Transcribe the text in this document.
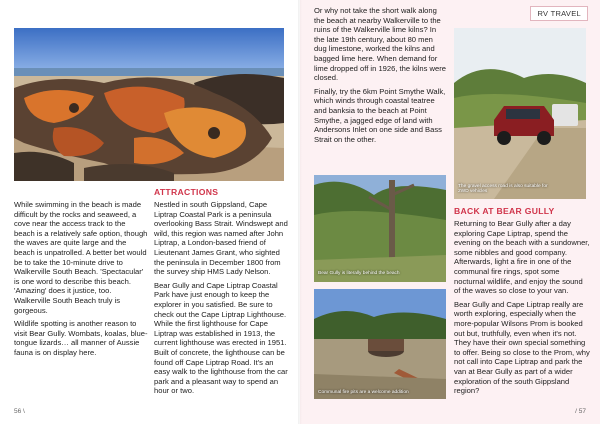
While swimming in the beach is made difficult by the rocks and seaweed, a cove near the access track to the beach is a relatively safe option, though the waves are quite large and the beach is unpatrolled. A better bet would be to take the 10-minute drive to Walkerville South Beach. 'Spectacular' is one word to describe this beach. 'Amazing' does it justice, too. Walkerville South Beach truly is gorgeous.

Wildlife spotting is another reason to visit Bear Gully. Wombats, koalas, blue-tongue lizards… all manner of Aussie fauna is on display here.

ATTRACTIONS

Nestled in south Gippsland, Cape Liptrap Coastal Park is a peninsula overlooking Bass Strait. Windswept and wild, this region was named after John Liptrap, a London-based friend of Lieutenant James Grant, who sighted the peninsula in December 1800 from the survey ship HMS Lady Nelson.

Bear Gully and Cape Liptrap Coastal Park have just enough to keep the explorer in you satisfied. Be sure to check out the Cape Liptrap Lighthouse. While the first lighthouse for Cape Liptrap was established in 1913, the current lighthouse was erected in 1951. Built of concrete, the lighthouse can be found off Cape Liptrap Road. It's an easy walk to the lighthouse from the car park and a pleasant way to spend an hour or two.

56 \
RV TRAVEL

Or why not take the short walk along the beach at nearby Walkerville to the ruins of the Walkerville lime kilns? In the late 19th century, about 80 men dug limestone, worked the kilns and bagged lime here. When demand for lime dropped off in 1926, the kilns were closed.

Finally, try the 6km Point Smythe Walk, which winds through coastal teatree and banksia to the beach at Point Smythe, a jagged edge of land with Andersons Inlet on one side and Bass Strait on the other.

The gravel access road is also suitable for 2WD vehicles
Bear Gully is literally behind the beach
Communal fire pits are a welcome addition
BACK AT BEAR GULLY

Returning to Bear Gully after a day exploring Cape Liptrap, spend the evening on the beach with a sundowner, some nibbles and good company. Afterwards, light a fire in one of the communal fire rings, spot some nocturnal wildlife, and enjoy the sound of the waves so close to your van.

Bear Gully and Cape Liptrap really are worth exploring, especially when the more-popular Wilsons Prom is booked out but, truthfully, even when it's not. They have their own special something to offer. Being so close to the Prom, why not call into Cape Liptrap and park the van at Bear Gully as part of a wider exploration of the south Gippsland region?

/ 57
